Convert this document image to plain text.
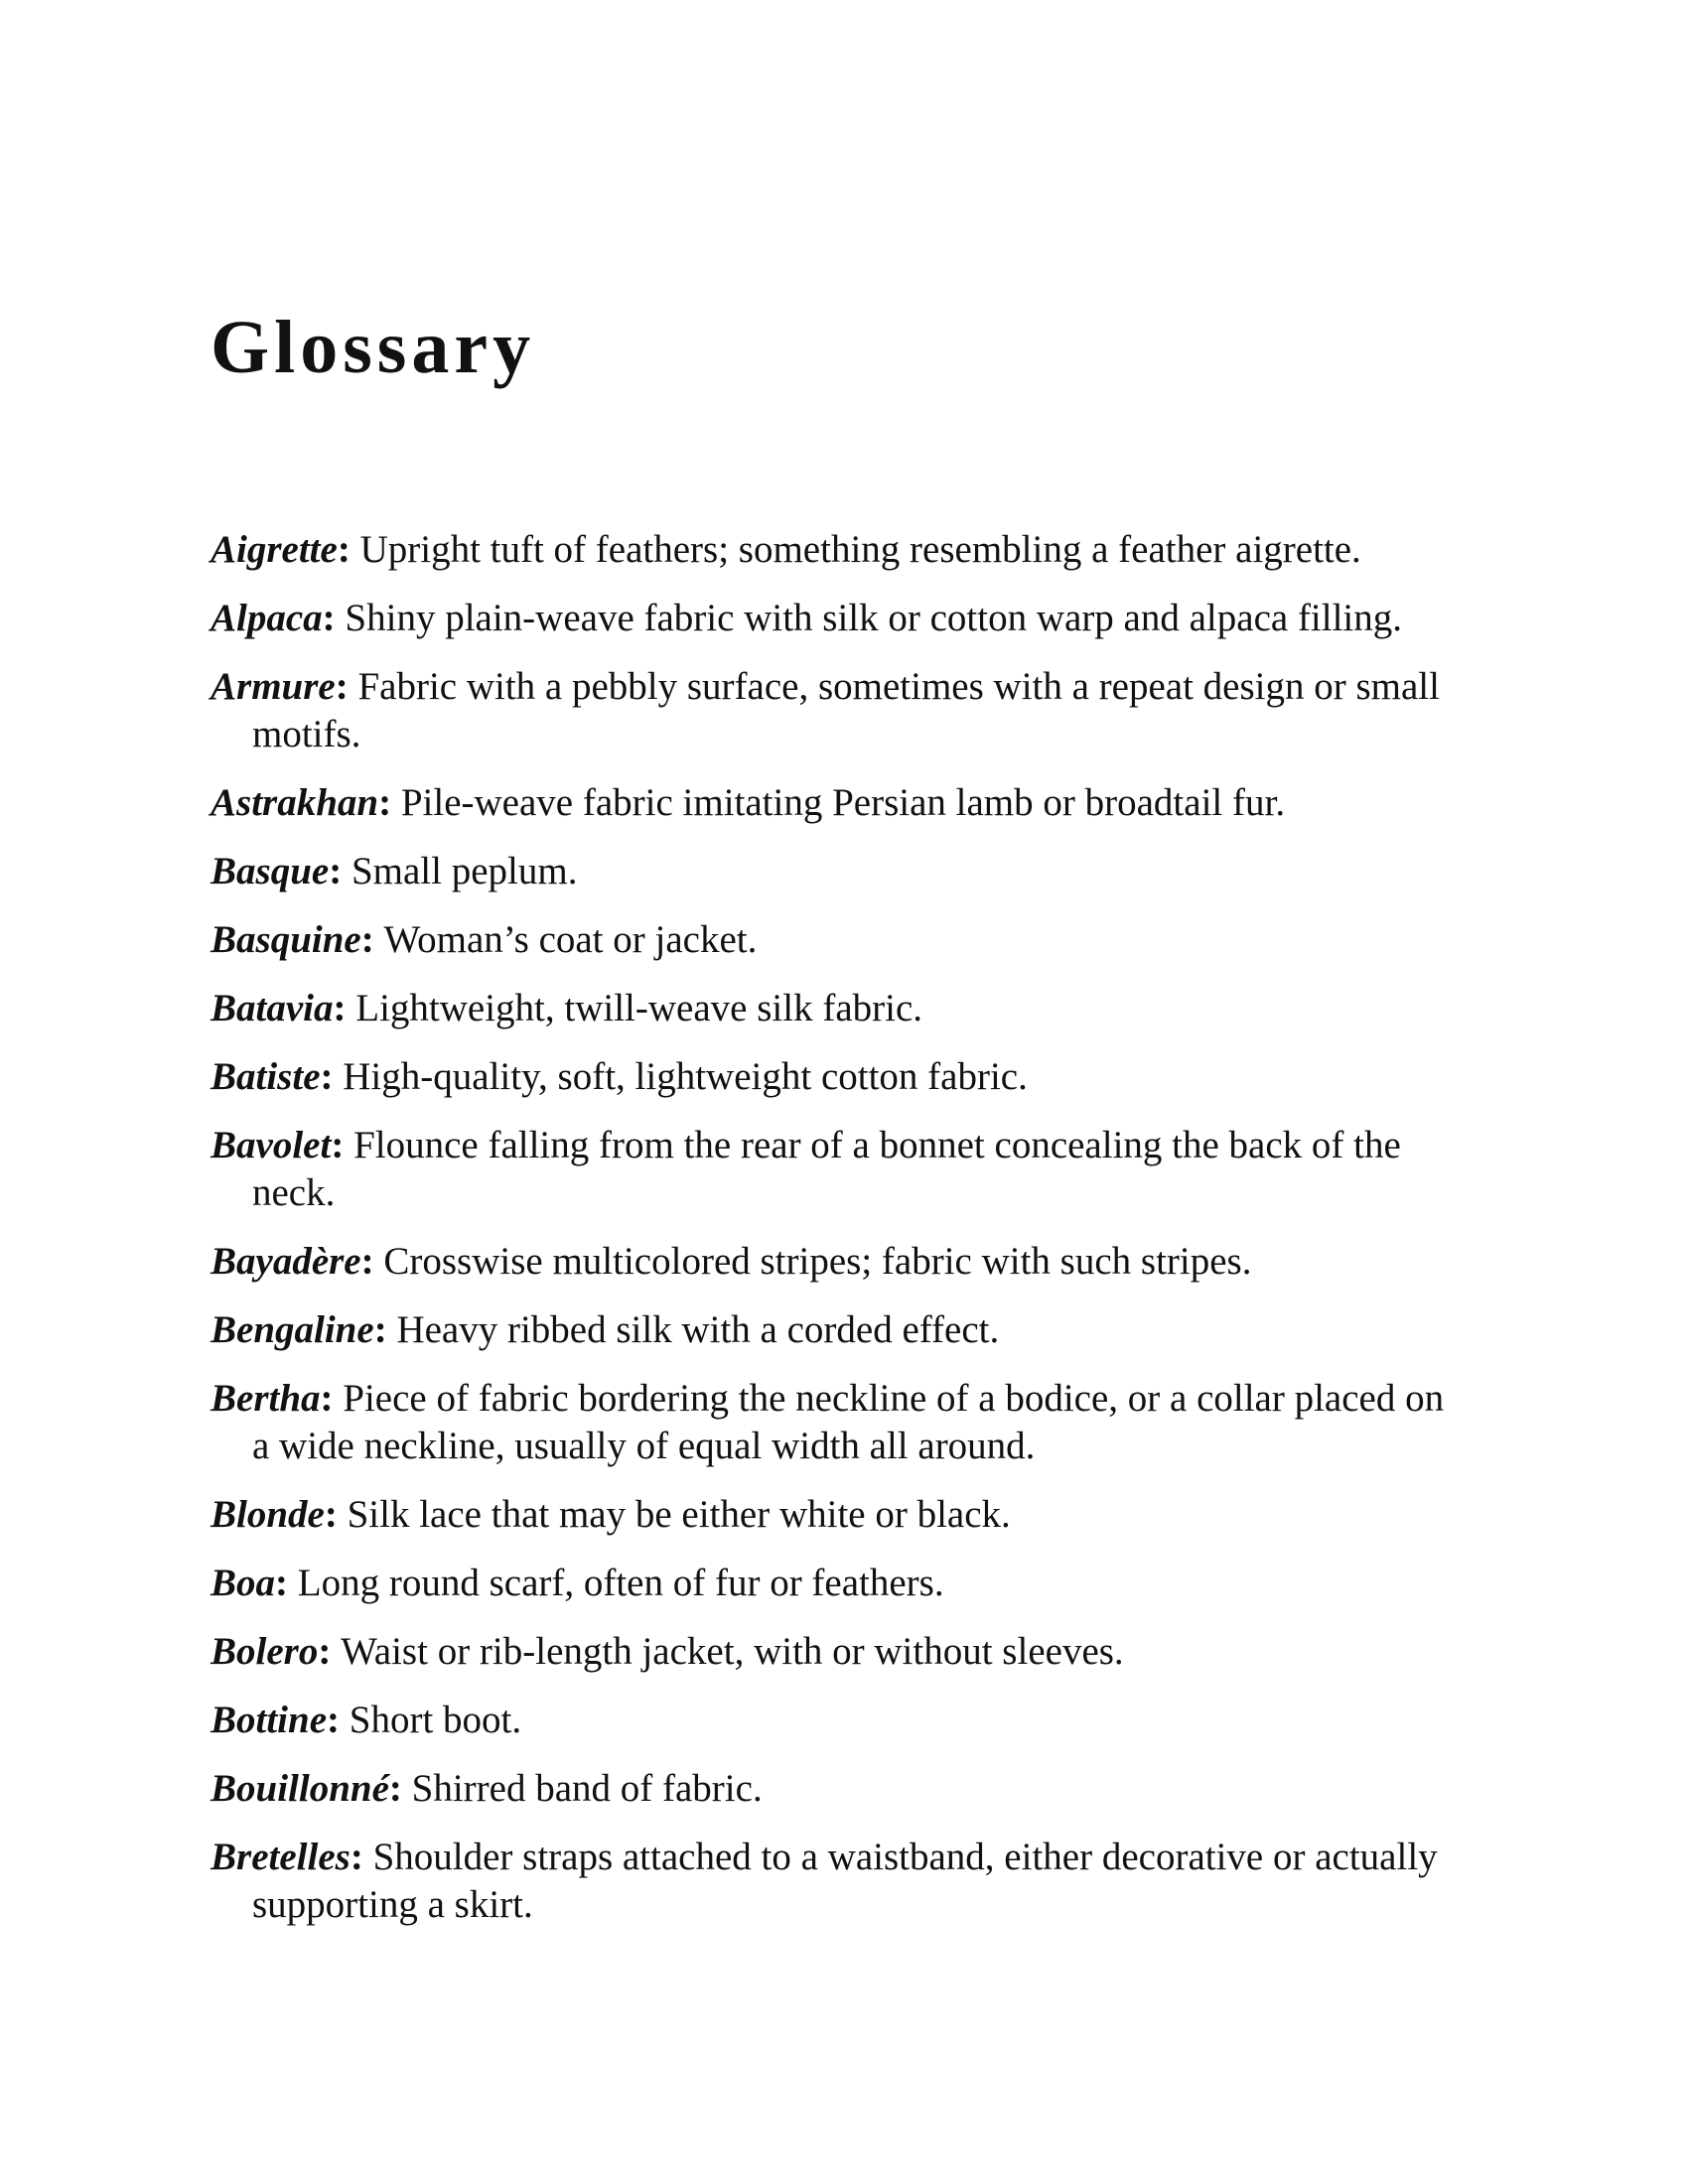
Glossary

Aigrette: Upright tuft of feathers; something resembling a feather aigrette.

Alpaca: Shiny plain-weave fabric with silk or cotton warp and alpaca filling.

Armure: Fabric with a pebbly surface, sometimes with a repeat design or small motifs.

Astrakhan: Pile-weave fabric imitating Persian lamb or broadtail fur.

Basque: Small peplum.

Basquine: Woman’s coat or jacket.

Batavia: Lightweight, twill-weave silk fabric.

Batiste: High-quality, soft, lightweight cotton fabric.

Bavolet: Flounce falling from the rear of a bonnet concealing the back of the neck.

Bayadère: Crosswise multicolored stripes; fabric with such stripes.

Bengaline: Heavy ribbed silk with a corded effect.

Bertha: Piece of fabric bordering the neckline of a bodice, or a collar placed on a wide neckline, usually of equal width all around.

Blonde: Silk lace that may be either white or black.

Boa: Long round scarf, often of fur or feathers.

Bolero: Waist or rib-length jacket, with or without sleeves.

Bottine: Short boot.

Bouillonné: Shirred band of fabric.

Bretelles: Shoulder straps attached to a waistband, either decorative or actually supporting a skirt.
